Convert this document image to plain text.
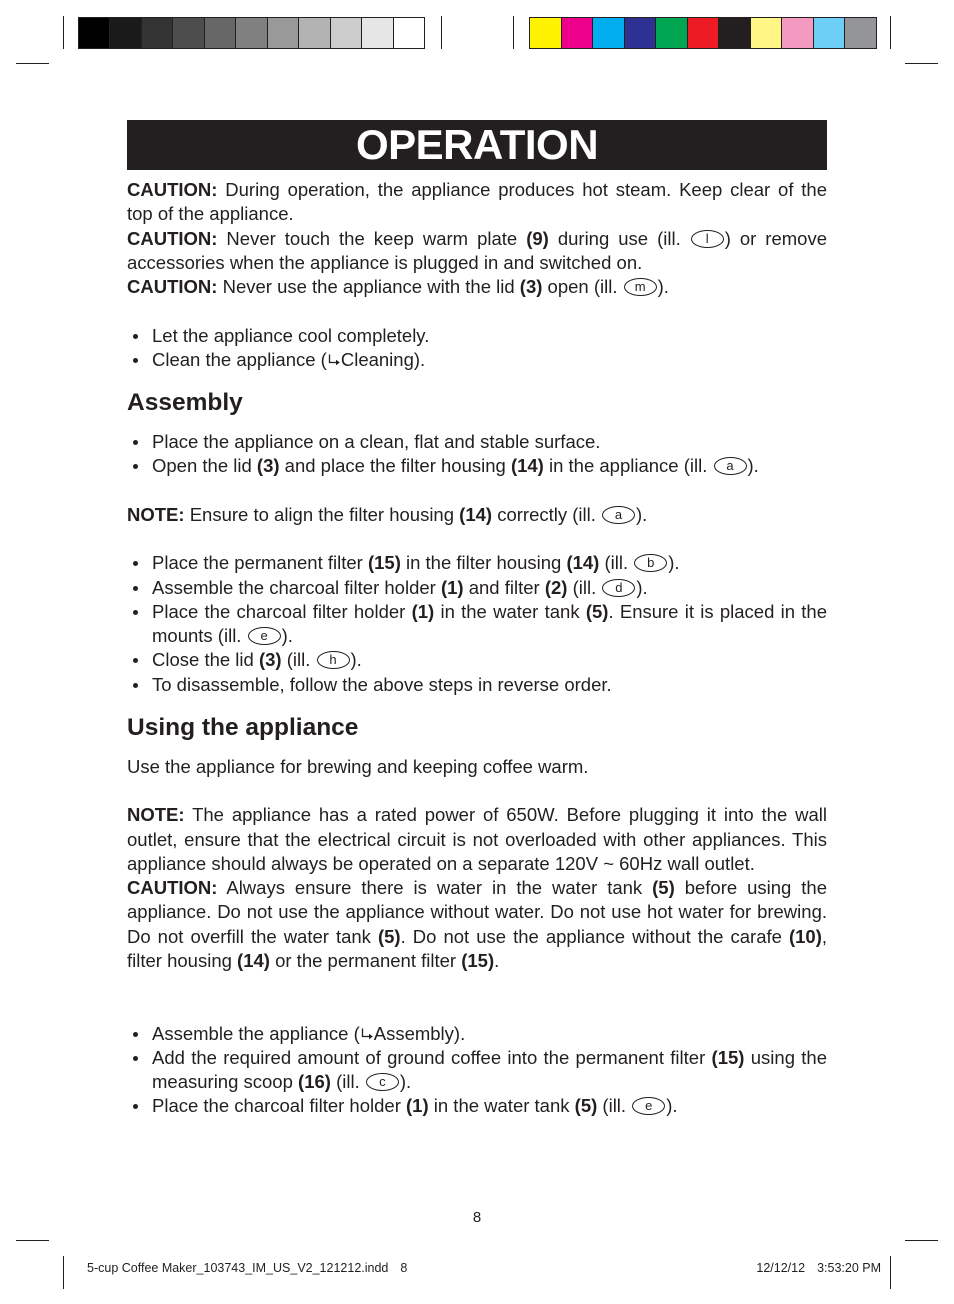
OPERATION

CAUTION: During operation, the appliance produces hot steam. Keep clear of the top of the appliance.

CAUTION: Never touch the keep warm plate (9) during use (ill. l ) or remove accessories when the appliance is plugged in and switched on.

CAUTION: Never use the appliance with the lid (3) open (ill. m ).

Let the appliance cool completely.
Clean the appliance ( Cleaning).
Assembly
Place the appliance on a clean, flat and stable surface.
Open the lid (3) and place the filter housing (14) in the appliance (ill. a ).

NOTE: Ensure to align the filter housing (14) correctly (ill. a ).

Place the permanent filter (15) in the filter housing (14) (ill. b ).
Assemble the charcoal filter holder (1) and filter (2) (ill. d ).
Place the charcoal filter holder (1) in the water tank (5). Ensure it is placed in the mounts (ill. e ).
Close the lid (3) (ill. h ).
To disassemble, follow the above steps in reverse order.
Using the appliance

Use the appliance for brewing and keeping coffee warm.

NOTE: The appliance has a rated power of 650W. Before plugging it into the wall outlet, ensure that the electrical circuit is not overloaded with other appliances. This appliance should always be operated on a separate 120V ~ 60Hz wall outlet.

CAUTION: Always ensure there is water in the water tank (5) before using the appliance. Do not use the appliance without water. Do not use hot water for brewing. Do not overfill the water tank (5). Do not use the appliance without the carafe (10), filter housing (14) or the permanent filter (15).

Assemble the appliance ( Assembly).
Add the required amount of ground coffee into the permanent filter (15) using the measuring scoop (16) (ill. c ).
Place the charcoal filter holder (1) in the water tank (5) (ill. e ).
8
5-cup Coffee Maker_103743_IM_US_V2_121212.indd 8	12/12/12 3:53:20 PM
